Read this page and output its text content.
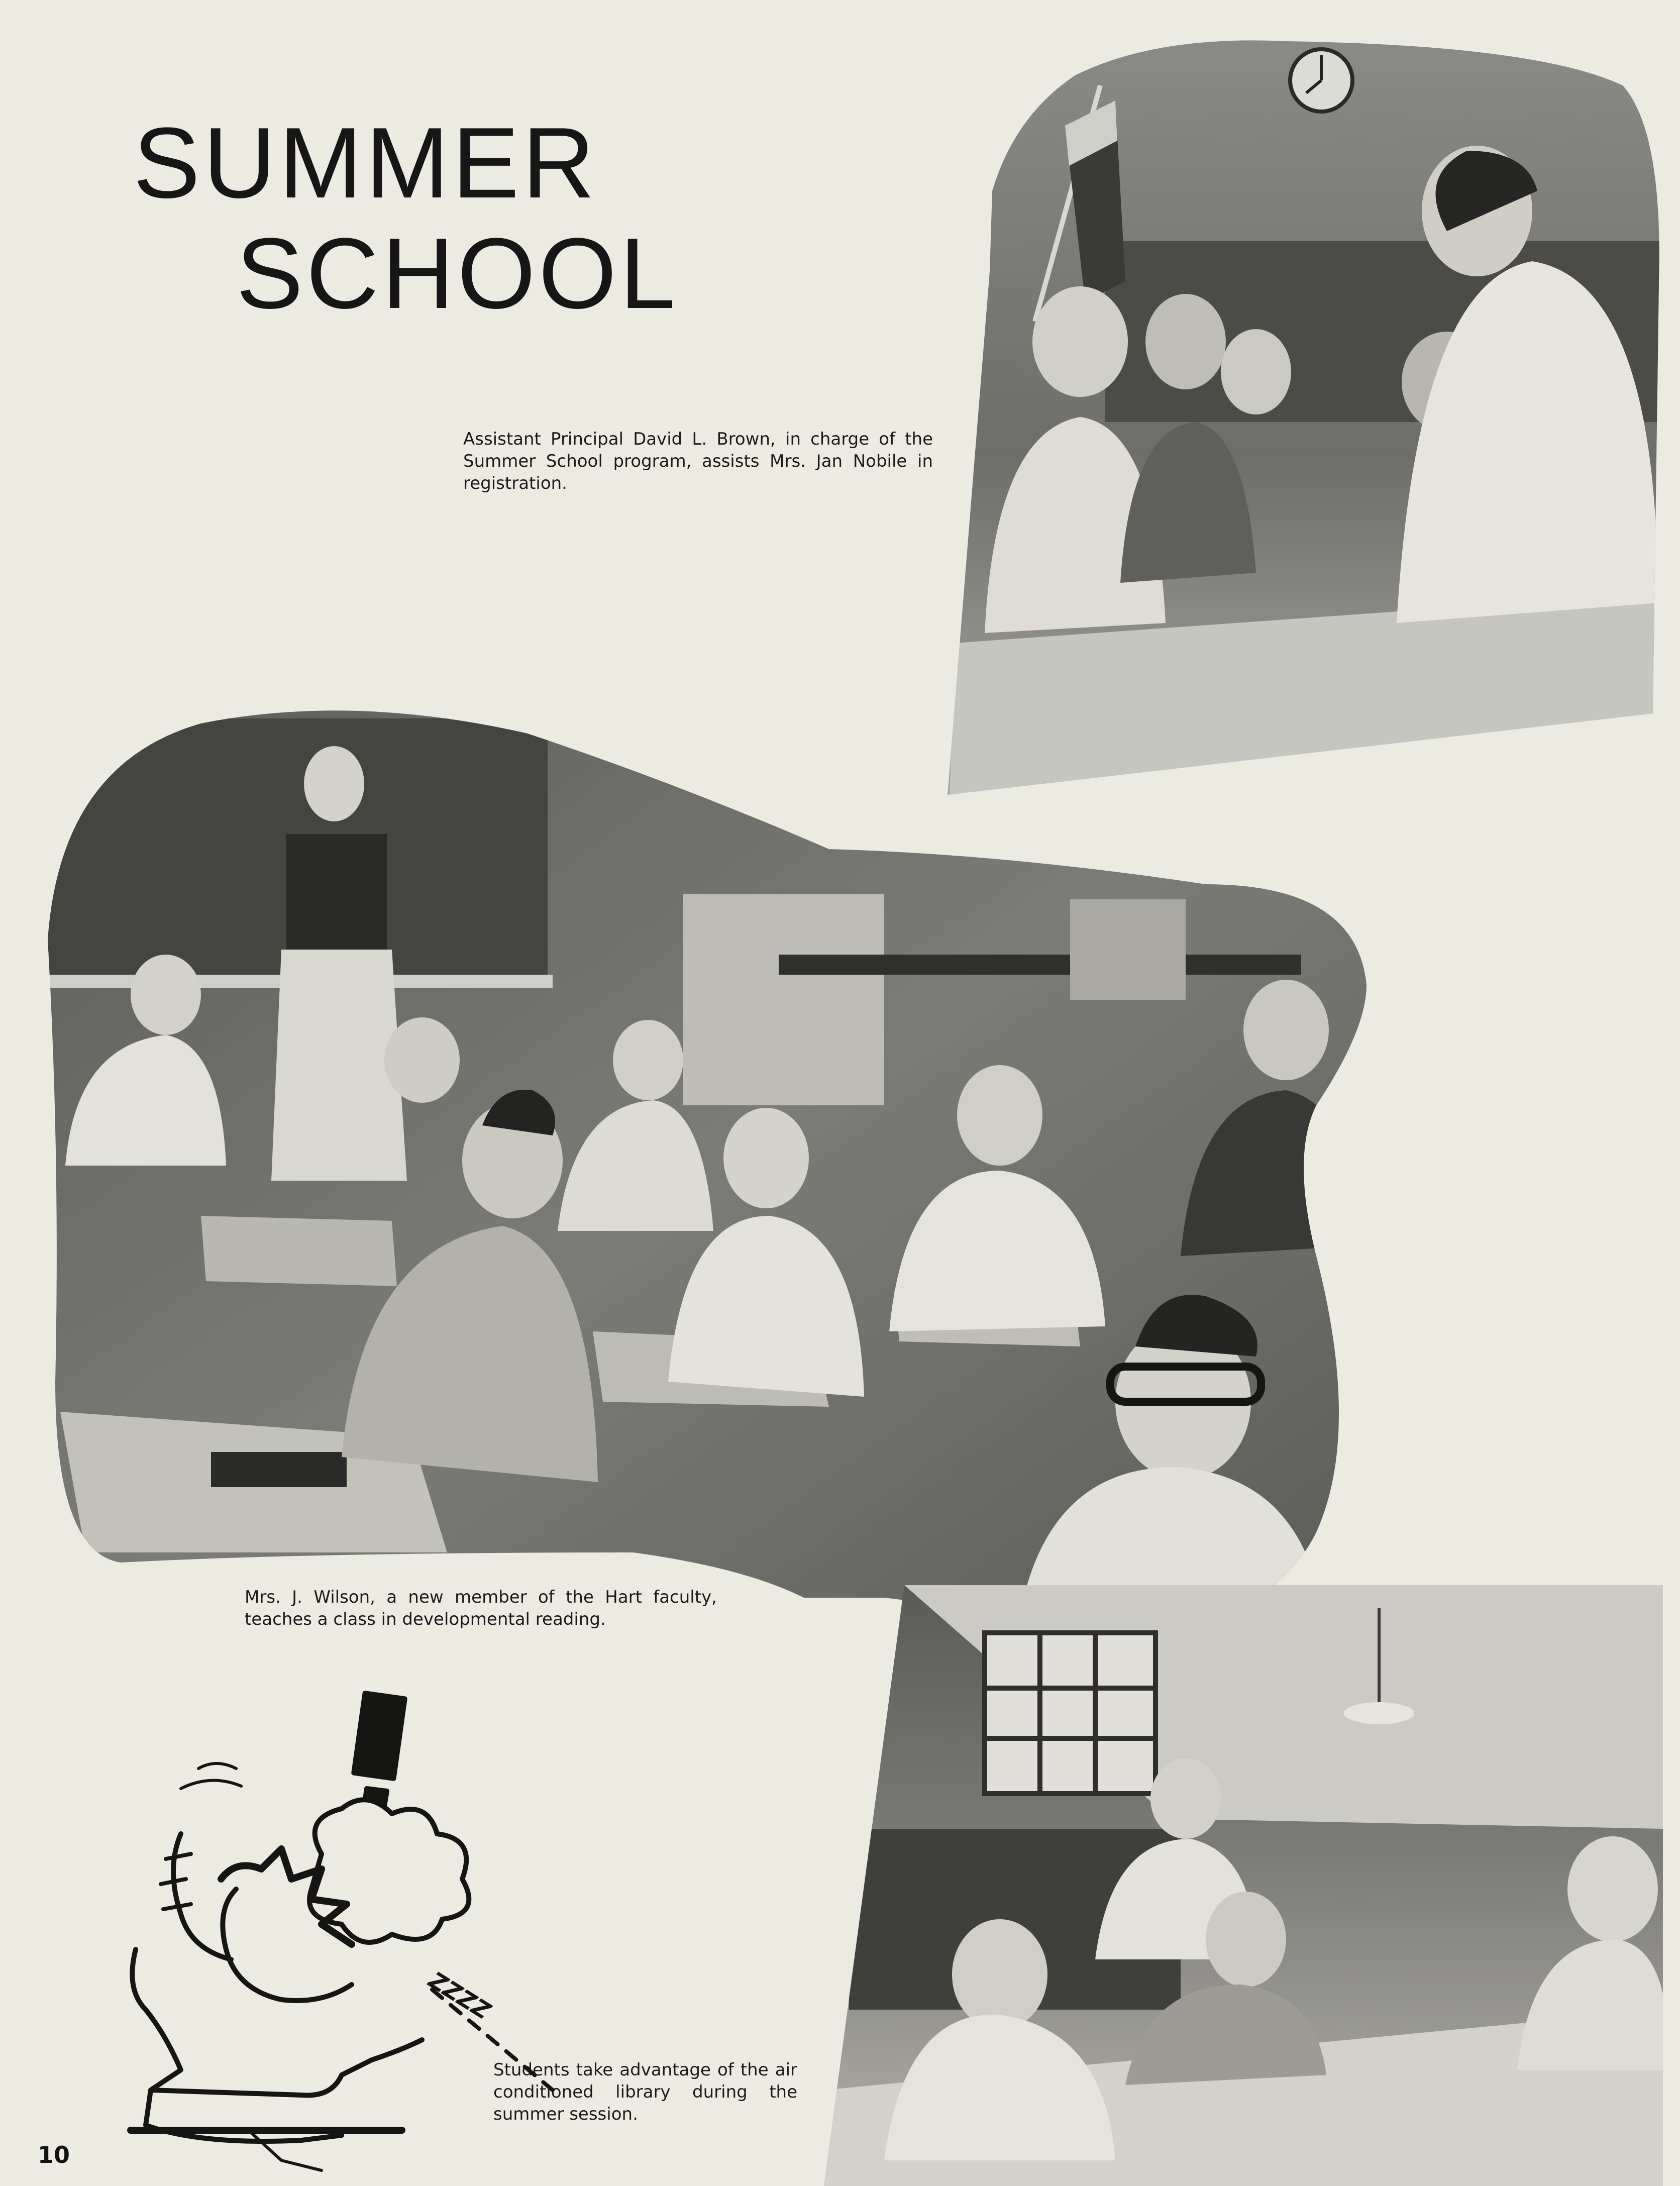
SUMMER
SCHOOL
Assistant Principal David L. Brown, in charge of the Summer School program, assists Mrs. Jan Nobile in registration.
Mrs. J. Wilson, a new member of the Hart faculty, teaches a class in developmental reading.
Students take advantage of the air conditioned library during the summer session.
ZZZZ
10
